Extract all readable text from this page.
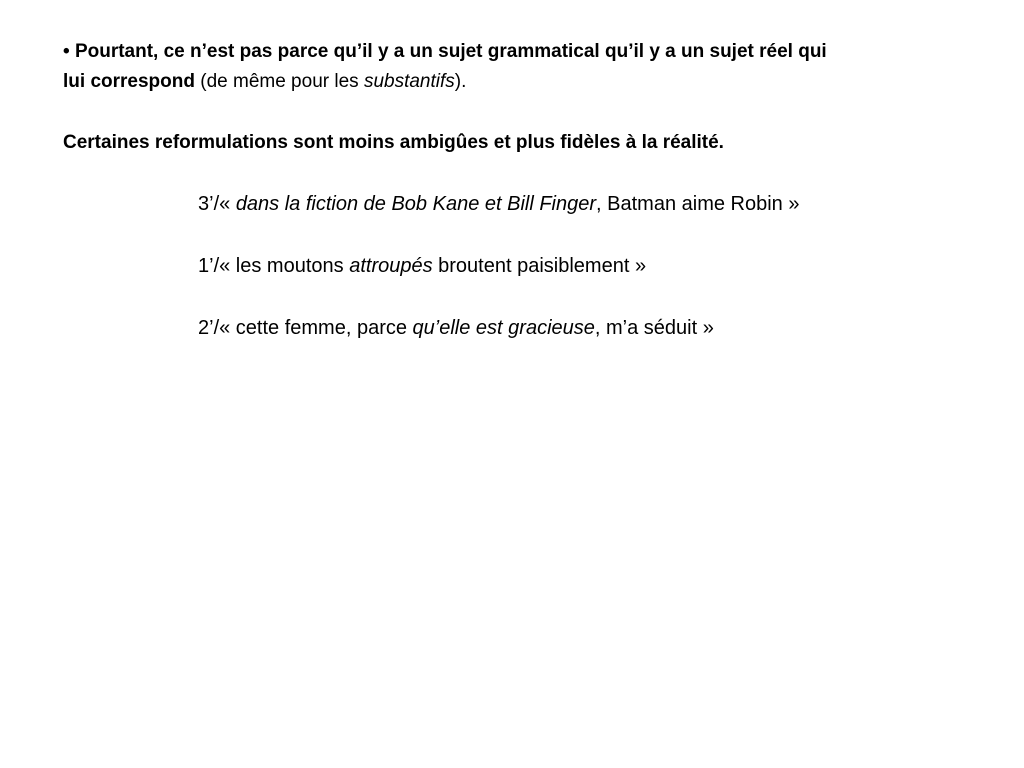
• Pourtant, ce n’est pas parce qu’il y a un sujet grammatical qu’il y a un sujet réel qui
lui correspond (de même pour les substantifs).
Certaines reformulations sont moins ambigûes et plus fidèles à la réalité.
3’/« dans la fiction de Bob Kane et Bill Finger, Batman aime Robin »
1’/« les moutons attroupés broutent paisiblement »
2’/« cette femme, parce qu’elle est gracieuse, m’a séduit »
